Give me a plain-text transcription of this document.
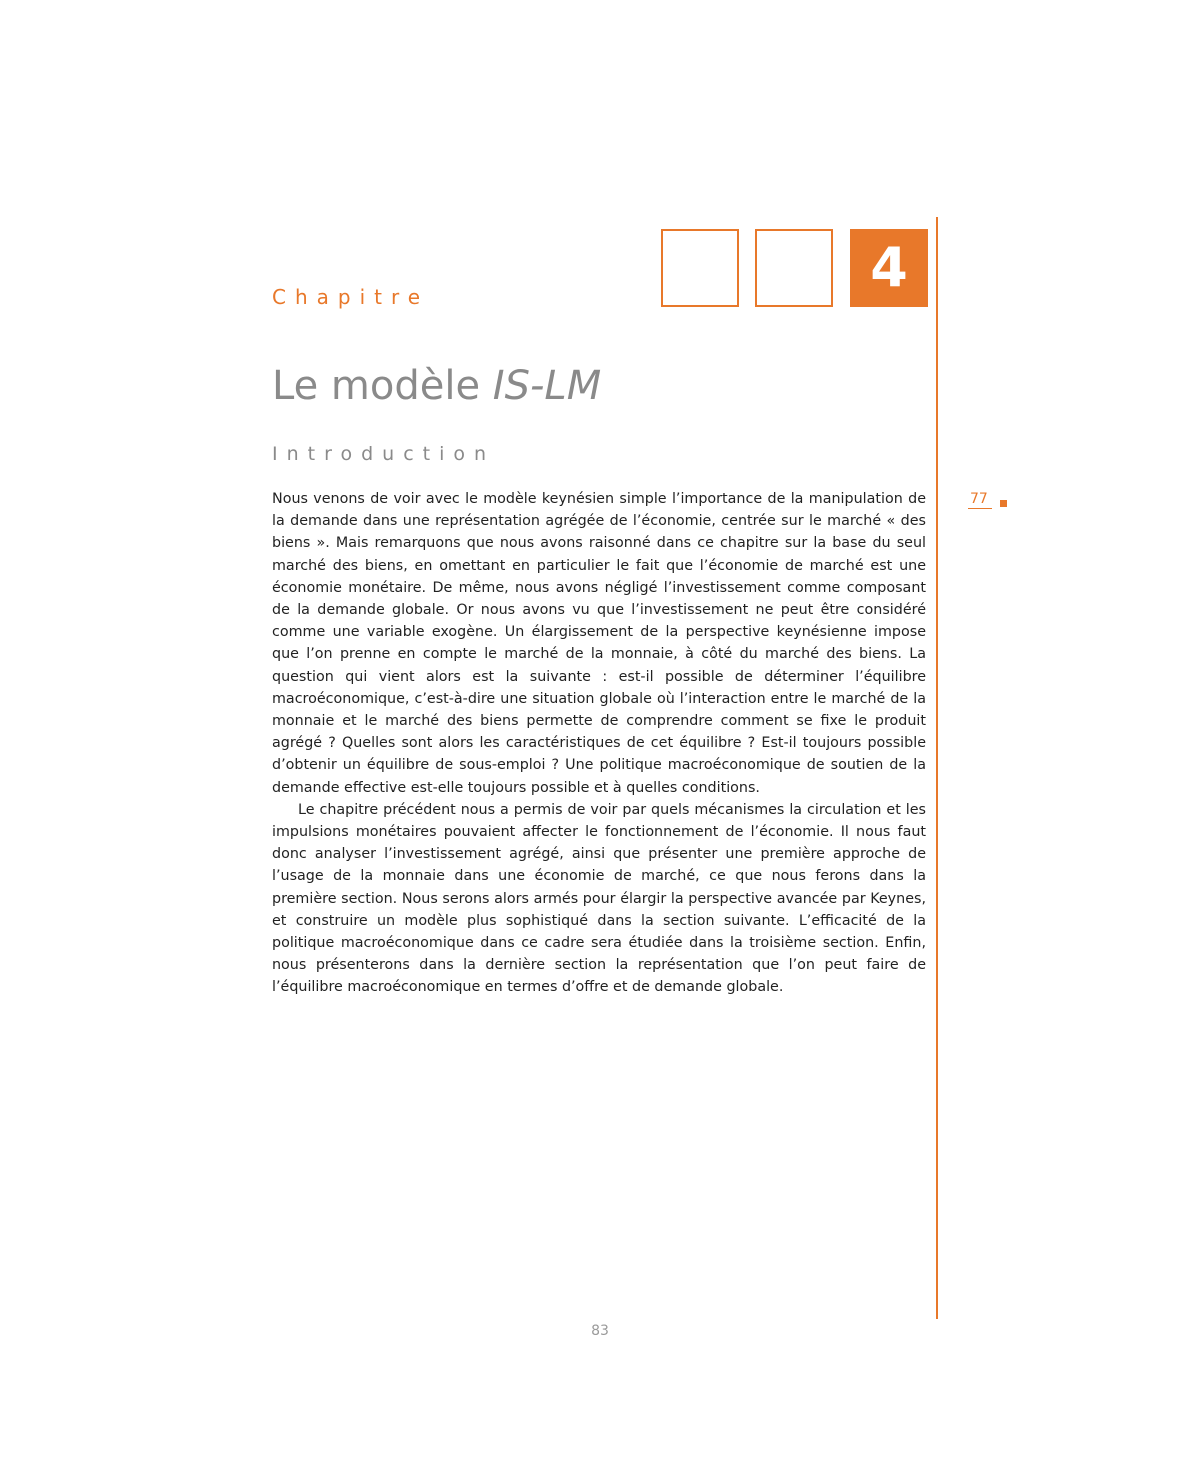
4
Chapitre
Le modèle IS-LM
Introduction
77

Nous venons de voir avec le modèle keynésien simple l’importance de la manipulation de la demande dans une représentation agrégée de l’économie, centrée sur le marché « des biens ». Mais remarquons que nous avons raisonné dans ce chapitre sur la base du seul marché des biens, en omettant en particulier le fait que l’économie de marché est une économie monétaire. De même, nous avons négligé l’investissement comme composant de la demande globale. Or nous avons vu que l’investissement ne peut être considéré comme une variable exogène. Un élargissement de la perspective keynésienne impose que l’on prenne en compte le marché de la monnaie, à côté du marché des biens. La question qui vient alors est la suivante : est-il possible de déterminer l’équilibre macroéconomique, c’est-à-dire une situation globale où l’interaction entre le marché de la monnaie et le marché des biens permette de comprendre comment se fixe le produit agrégé ? Quelles sont alors les caractéristiques de cet équilibre ? Est-il toujours possible d’obtenir un équilibre de sous-emploi ? Une politique macroéconomique de soutien de la demande effective est-elle toujours possible et à quelles conditions.

Le chapitre précédent nous a permis de voir par quels mécanismes la circulation et les impulsions monétaires pouvaient affecter le fonctionnement de l’économie. Il nous faut donc analyser l’investissement agrégé, ainsi que présenter une première approche de l’usage de la monnaie dans une économie de marché, ce que nous ferons dans la première section. Nous serons alors armés pour élargir la perspective avancée par Keynes, et construire un modèle plus sophistiqué dans la section suivante. L’efficacité de la politique macroéconomique dans ce cadre sera étudiée dans la troisième section. Enfin, nous présenterons dans la dernière section la représentation que l’on peut faire de l’équilibre macroéconomique en termes d’offre et de demande globale.

83
